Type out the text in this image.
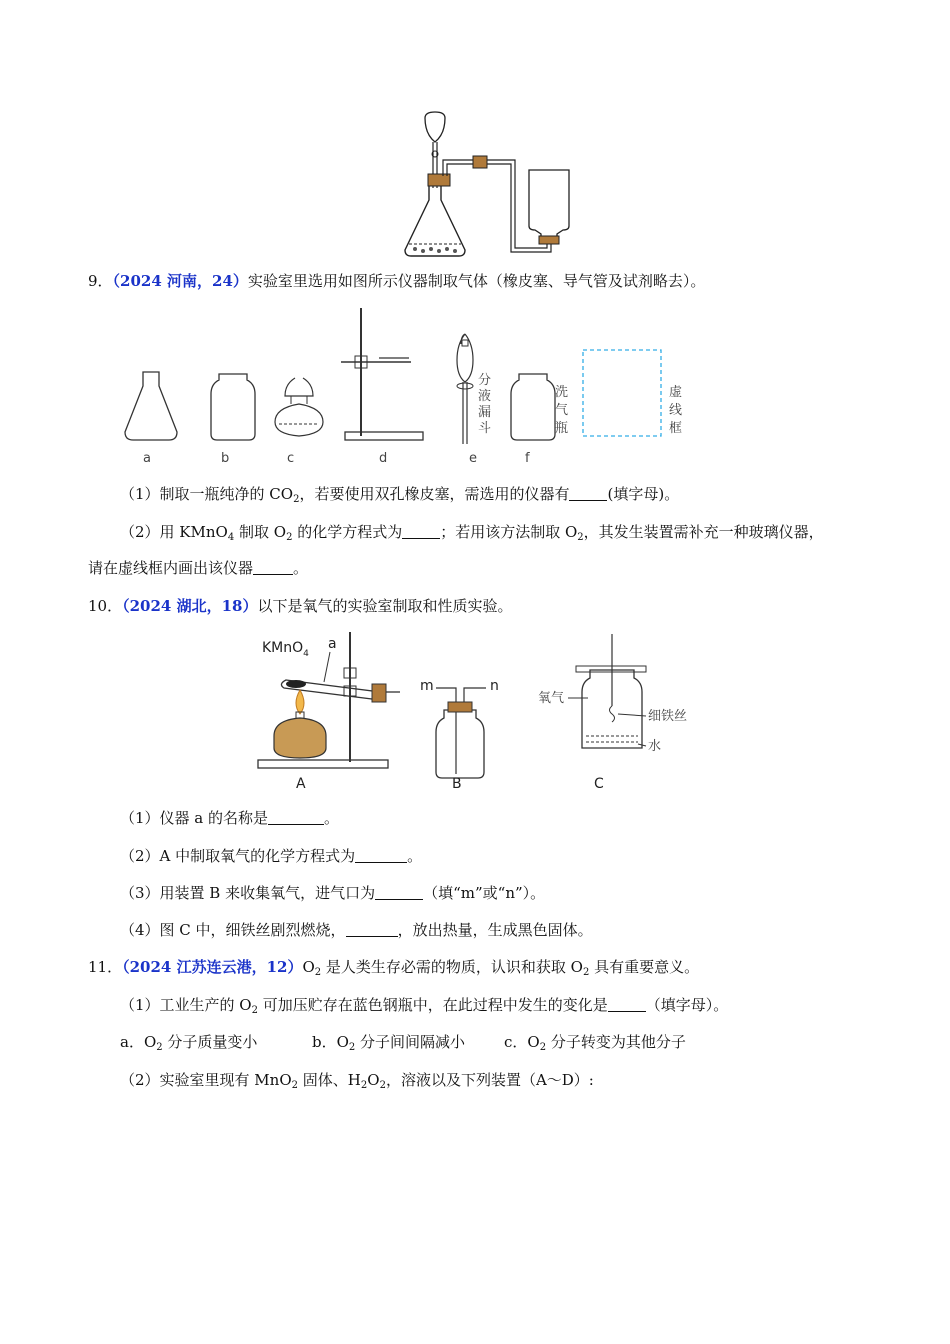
9．（2024 河南，24）实验室里选用如图所示仪器制取气体（橡皮塞、导气管及试剂略去）。
a	b	c	d	e	f
分
液
漏
斗
洗
气
瓶
虚
线
框
（1）制取一瓶纯净的 $CO_2$，若要使用双孔橡皮塞，需选用的仪器有	(填字母)。
（2）用 KMnO$_4$ 制取 $O_2$ 的化学方程式为	；若用该方法制取 $O_2$，其发生装置需补充一种玻璃仪器，
请在虚线框内画出该仪器	。
10．（2024 湖北，18）以下是氧气的实验室制取和性质实验。
KMnO$_4$
a
m	n
氧气
细铁丝
水
A	B	C
（1）仪器 a 的名称是	。
（2）A 中制取氧气的化学方程式为	。
（3）用装置 B 来收集氧气，进气口为	（填“m”或“n”）。
（4）图 C 中，细铁丝剧烈燃烧，	，放出热量，生成黑色固体。
11．（2024 江苏连云港，$12)O_2$ 是人类生存必需的物质，认识和获取 $O_2$ 具有重要意义。
（1）工业生产的 $O_2$ 可加压贮存在蓝色钢瓶中，在此过程中发生的变化是	（填字母）。
a．$O_2$ 分子质量变小	b．$O_2$ 分子间间隔减小	c．$O_2$ 分子转变为其他分子
（2）实验室里现有 MnO$_2$ 固体、$H_2O_2$，溶液以及下列装置（A～D）:
